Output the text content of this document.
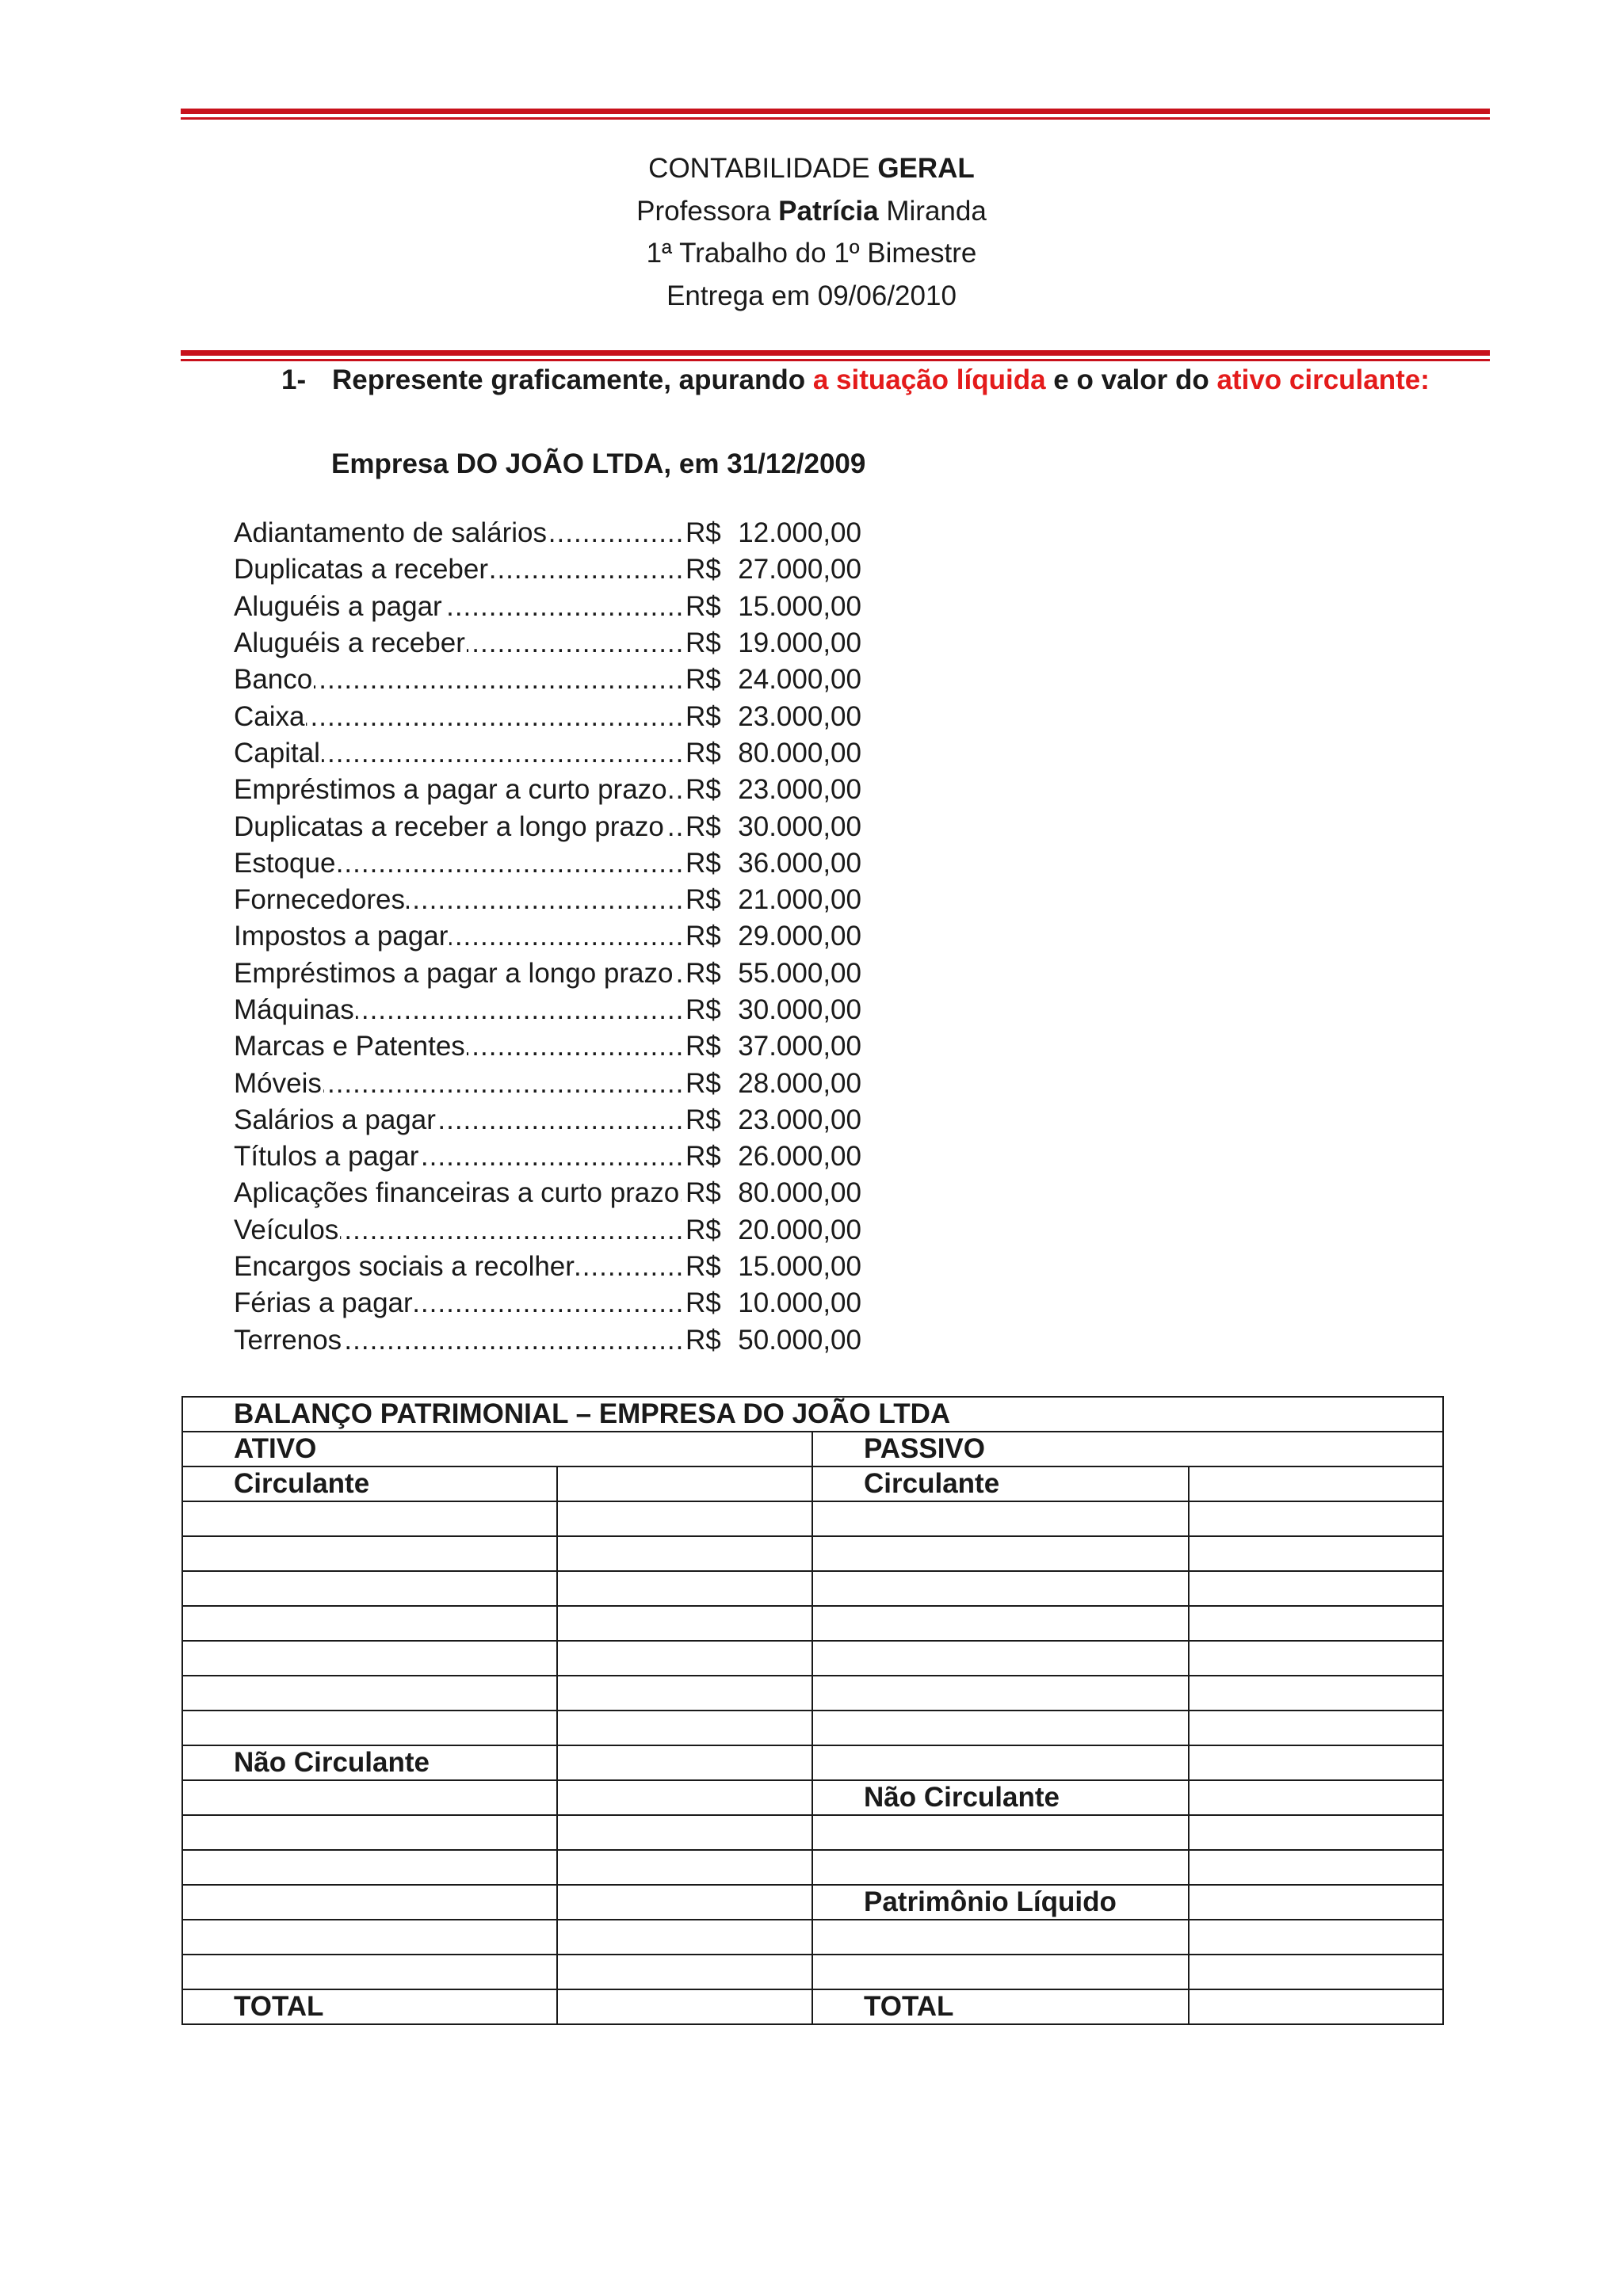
CONTABILIDADE GERAL
Professora Patrícia Miranda
1ª Trabalho do 1º Bimestre
Entrega em 09/06/2010
1- Represente graficamente, apurando a situação líquida e o valor do ativo circulante:
Empresa DO JOÃO LTDA, em 31/12/2009
Adiantamento de salários .....	R$ 12.000,00
Duplicatas a receber .....	R$ 27.000,00
Aluguéis a pagar .....	R$ 15.000,00
Aluguéis a receber .....	R$ 19.000,00
Banco .....	R$ 24.000,00
Caixa .....	R$ 23.000,00
Capital .....	R$ 80.000,00
Empréstimos a pagar a curto prazo ..... R$ 23.000,00
Duplicatas a receber a longo prazo ..... R$ 30.000,00
Estoque .....	R$ 36.000,00
Fornecedores .....	R$ 21.000,00
Impostos a pagar .....	R$ 29.000,00
Empréstimos a pagar a longo prazo ..... R$ 55.000,00
Máquinas .....	R$ 30.000,00
Marcas e Patentes .....	R$ 37.000,00
Móveis .....	R$ 28.000,00
Salários a pagar .....	R$ 23.000,00
Títulos a pagar .....	R$ 26.000,00
Aplicações financeiras a curto prazo ..... R$ 80.000,00
Veículos .....	R$ 20.000,00
Encargos sociais a recolher .....	R$ 15.000,00
Férias a pagar .....	R$ 10.000,00
Terrenos .....	R$ 50.000,00
BALANÇO PATRIMONIAL – EMPRESA DO JOÃO LTDA			
ATIVO		PASSIVO	
Circulante		Circulante	

Não Circulante			
		Não Circulante	

		Patrimônio Líquido	

TOTAL		TOTAL	
